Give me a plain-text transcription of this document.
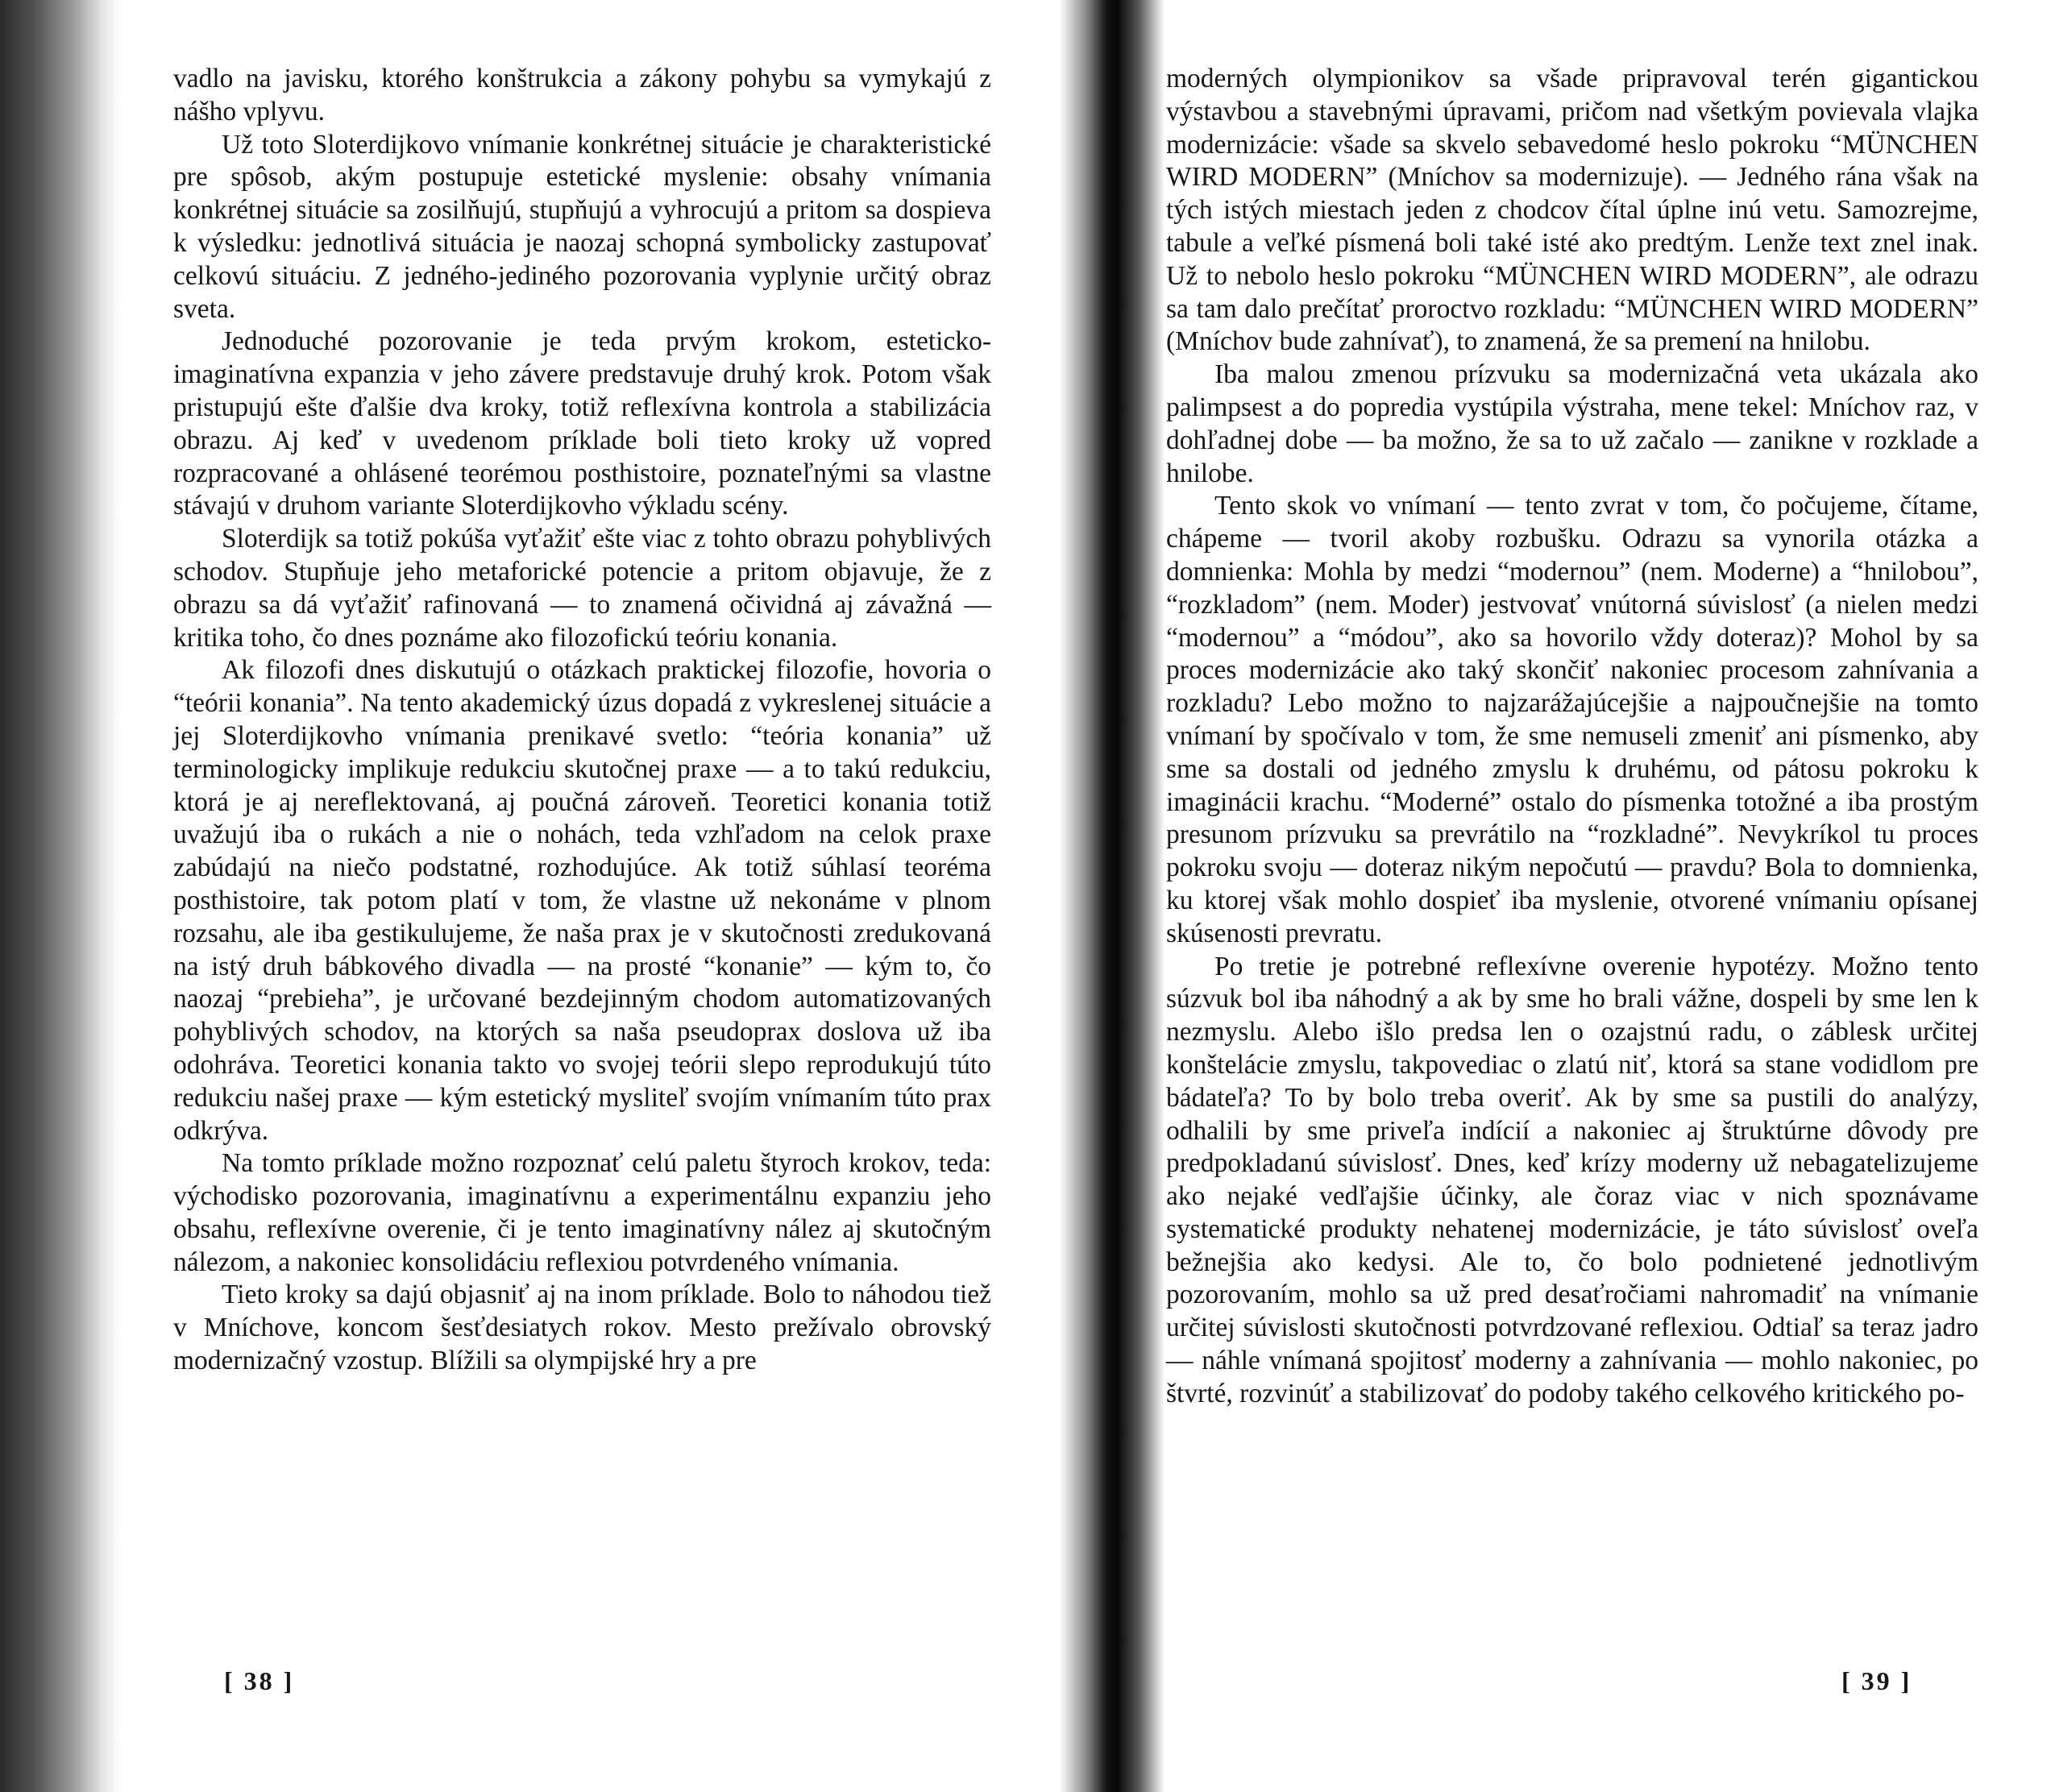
vadlo na javisku, ktorého konštrukcia a zákony pohybu sa vymykajú z nášho vplyvu.

Už toto Sloterdijkovo vnímanie konkrétnej situácie je charakteristické pre spôsob, akým postupuje estetické myslenie: obsahy vnímania konkrétnej situácie sa zosilňujú, stupňujú a vyhrocujú a pritom sa dospieva k výsledku: jednotlivá situácia je naozaj schopná symbolicky zastupovať celkovú situáciu. Z jedného-jediného pozorovania vyplynie určitý obraz sveta.

Jednoduché pozorovanie je teda prvým krokom, esteticko-imaginatívna expanzia v jeho závere predstavuje druhý krok. Potom však pristupujú ešte ďalšie dva kroky, totiž reflexívna kontrola a stabilizácia obrazu. Aj keď v uvedenom príklade boli tieto kroky už vopred rozpracované a ohlásené teorémou posthistoire, poznateľnými sa vlastne stávajú v druhom variante Sloterdijkovho výkladu scény.

Sloterdijk sa totiž pokúša vyťažiť ešte viac z tohto obrazu pohyblivých schodov. Stupňuje jeho metaforické potencie a pritom objavuje, že z obrazu sa dá vyťažiť rafinovaná — to znamená očividná aj závažná — kritika toho, čo dnes poznáme ako filozofickú teóriu konania.

Ak filozofi dnes diskutujú o otázkach praktickej filozofie, hovoria o “teórii konania”. Na tento akademický úzus dopadá z vykreslenej situácie a jej Sloterdijkovho vnímania prenikavé svetlo: “teória konania” už terminologicky implikuje redukciu skutočnej praxe — a to takú redukciu, ktorá je aj nereflektovaná, aj poučná zároveň. Teoretici konania totiž uvažujú iba o rukách a nie o nohách, teda vzhľadom na celok praxe zabúdajú na niečo podstatné, rozhodujúce. Ak totiž súhlasí teoréma posthistoire, tak potom platí v tom, že vlastne už nekonáme v plnom rozsahu, ale iba gestikulujeme, že naša prax je v skutočnosti zredukovaná na istý druh bábkového divadla — na prosté “konanie” — kým to, čo naozaj “prebieha”, je určované bezdejinným chodom automatizovaných pohyblivých schodov, na ktorých sa naša pseudoprax doslova už iba odohráva. Teoretici konania takto vo svojej teórii slepo reprodukujú túto redukciu našej praxe — kým estetický mysliteľ svojím vnímaním túto prax odkrýva.

Na tomto príklade možno rozpoznať celú paletu štyroch krokov, teda: východisko pozorovania, imaginatívnu a experimentálnu expanziu jeho obsahu, reflexívne overenie, či je tento imaginatívny nález aj skutočným nálezom, a nakoniec konsolidáciu reflexiou potvrdeného vnímania.

Tieto kroky sa dajú objasniť aj na inom príklade. Bolo to náhodou tiež v Mníchove, koncom šesťdesiatych rokov. Mesto prežívalo obrovský modernizačný vzostup. Blížili sa olympijské hry a pre

[ 38 ]

moderných olympionikov sa všade pripravoval terén gigantickou výstavbou a stavebnými úpravami, pričom nad všetkým povievala vlajka modernizácie: všade sa skvelo sebavedomé heslo pokroku “MÜNCHEN WIRD MODERN” (Mníchov sa modernizuje). — Jedného rána však na tých istých miestach jeden z chodcov čítal úplne inú vetu. Samozrejme, tabule a veľké písmená boli také isté ako predtým. Lenže text znel inak. Už to nebolo heslo pokroku “MÜNCHEN WIRD MODERN”, ale odrazu sa tam dalo prečítať proroctvo rozkladu: “MÜNCHEN WIRD MODERN” (Mníchov bude zahnívať), to znamená, že sa premení na hnilobu.

Iba malou zmenou prízvuku sa modernizačná veta ukázala ako palimpsest a do popredia vystúpila výstraha, mene tekel: Mníchov raz, v dohľadnej dobe — ba možno, že sa to už začalo — zanikne v rozklade a hnilobe.

Tento skok vo vnímaní — tento zvrat v tom, čo počujeme, čítame, chápeme — tvoril akoby rozbušku. Odrazu sa vynorila otázka a domnienka: Mohla by medzi “modernou” (nem. Moderne) a “hnilobou”, “rozkladom” (nem. Moder) jestvovať vnútorná súvislosť (a nielen medzi “modernou” a “módou”, ako sa hovorilo vždy doteraz)? Mohol by sa proces modernizácie ako taký skončiť nakoniec procesom zahnívania a rozkladu? Lebo možno to najzarážajúcejšie a najpoučnejšie na tomto vnímaní by spočívalo v tom, že sme nemuseli zmeniť ani písmenko, aby sme sa dostali od jedného zmyslu k druhému, od pátosu pokroku k imaginácii krachu. “Moderné” ostalo do písmenka totožné a iba prostým presunom prízvuku sa prevrátilo na “rozkladné”. Nevykríkol tu proces pokroku svoju — doteraz nikým nepočutú — pravdu? Bola to domnienka, ku ktorej však mohlo dospieť iba myslenie, otvorené vnímaniu opísanej skúsenosti prevratu.

Po tretie je potrebné reflexívne overenie hypotézy. Možno tento súzvuk bol iba náhodný a ak by sme ho brali vážne, dospeli by sme len k nezmyslu. Alebo išlo predsa len o ozajstnú radu, o záblesk určitej konštelácie zmyslu, takpovediac o zlatú niť, ktorá sa stane vodidlom pre bádateľa? To by bolo treba overiť. Ak by sme sa pustili do analýzy, odhalili by sme priveľa indícií a nakoniec aj štruktúrne dôvody pre predpokladanú súvislosť. Dnes, keď krízy moderny už nebagatelizujeme ako nejaké vedľajšie účinky, ale čoraz viac v nich spoznávame systematické produkty nehatenej modernizácie, je táto súvislosť oveľa bežnejšia ako kedysi. Ale to, čo bolo podnietené jednotlivým pozorovaním, mohlo sa už pred desaťročiami nahromadiť na vnímanie určitej súvislosti skutočnosti potvrdzované reflexiou. Odtiaľ sa teraz jadro — náhle vnímaná spojitosť moderny a zahnívania — mohlo nakoniec, po štvrté, rozvinúť a stabilizovať do podoby takého celkového kritického po-

[ 39 ]
